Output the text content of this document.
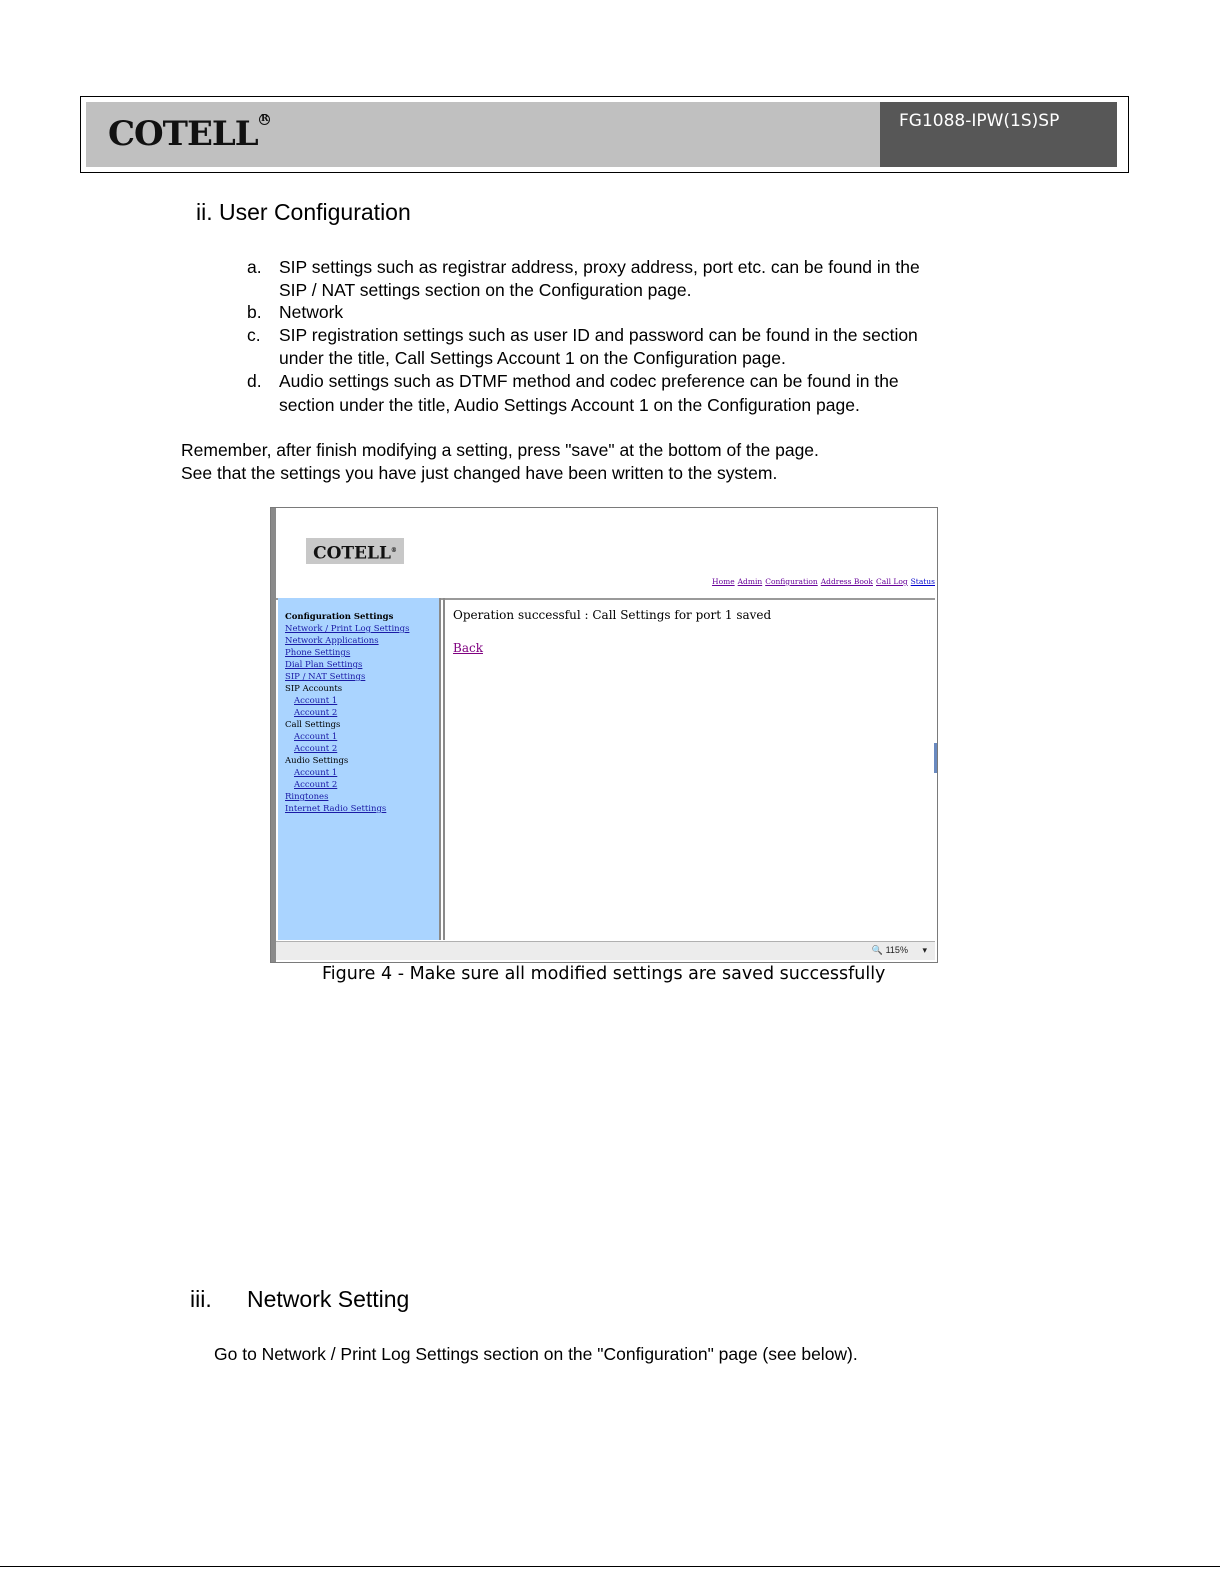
COTELL $^R$	FG1088-IPW(1S)SP
ii. User Configuration
a. SIP settings such as registrar address, proxy address, port etc. can be found in the
SIP / NAT settings section on the Configuration page.
b. Network
c. SIP registration settings such as user ID and password can be found in the section
under the title, Call Settings Account 1 on the Configuration page.
d. Audio settings such as DTMF method and codec preference can be found in the
section under the title, Audio Settings Account 1 on the Configuration page.
Remember, after finish modifying a setting, press "save" at the bottom of the page.
See that the settings you have just changed have been written to the system.
COTELL®
Home Admin Configuration Address Book Call Log Status
Configuration Settings
Network / Print Log Settings
Network Applications
Phone Settings
Dial Plan Settings
SIP / NAT Settings
SIP Accounts
Account 1
Account 2
Call Settings
Account 1
Account 2
Audio Settings
Account 1
Account 2
Ringtones
Internet Radio Settings
Operation successful : Call Settings for port 1 saved
Back
🔍 115% ▾
Figure 4 - Make sure all modified settings are saved successfully
iii. Network Setting
Go to Network / Print Log Settings section on the "Configuration" page (see below).
